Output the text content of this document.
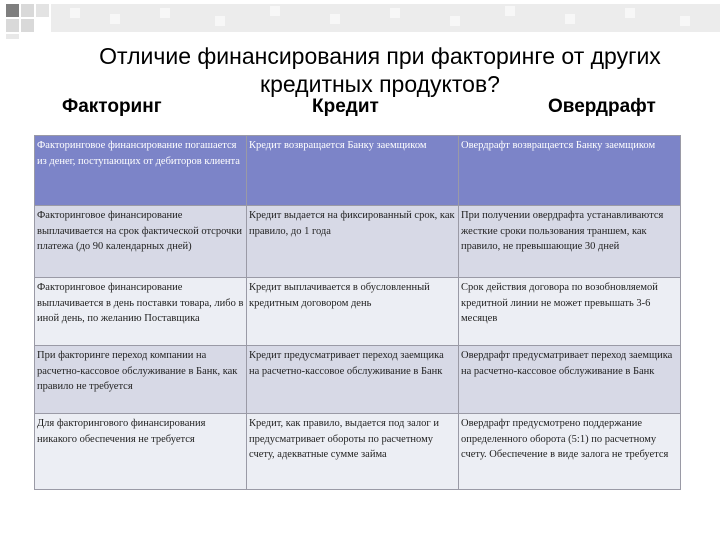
Отличие финансирования при факторинге от других кредитных продуктов?
Факторинг	Кредит	Овердрафт
Факторинговое финансирование погашается из денег, поступающих от дебиторов клиента	Кредит возвращается Банку заемщиком	Овердрафт возвращается Банку заемщиком
Факторинговое финансирование выплачивается на срок фактической отсрочки платежа (до 90 календарных дней)	Кредит выдается на фиксированный срок, как правило, до 1 года	При получении овердрафта устанавливаются жесткие сроки пользования траншем, как правило, не превышающие 30 дней
Факторинговое финансирование выплачивается в день поставки товара, либо в иной день, по желанию Поставщика	Кредит выплачивается в обусловленный кредитным договором день	Срок действия договора по возобновляемой кредитной линии не может превышать 3-6 месяцев
При факторинге переход компании на расчетно-кассовое обслуживание в Банк, как правило не требуется	Кредит предусматривает переход заемщика на расчетно-кассовое обслуживание в Банк	Овердрафт предусматривает переход заемщика на расчетно-кассовое обслуживание в Банк
Для факторингового финансирования никакого обеспечения не требуется	Кредит, как правило, выдается под залог и предусматривает обороты по расчетному счету, адекватные сумме займа	Овердрафт предусмотрено поддержание определенного оборота (5:1) по расчетному счету. Обеспечение в виде залога не требуется
